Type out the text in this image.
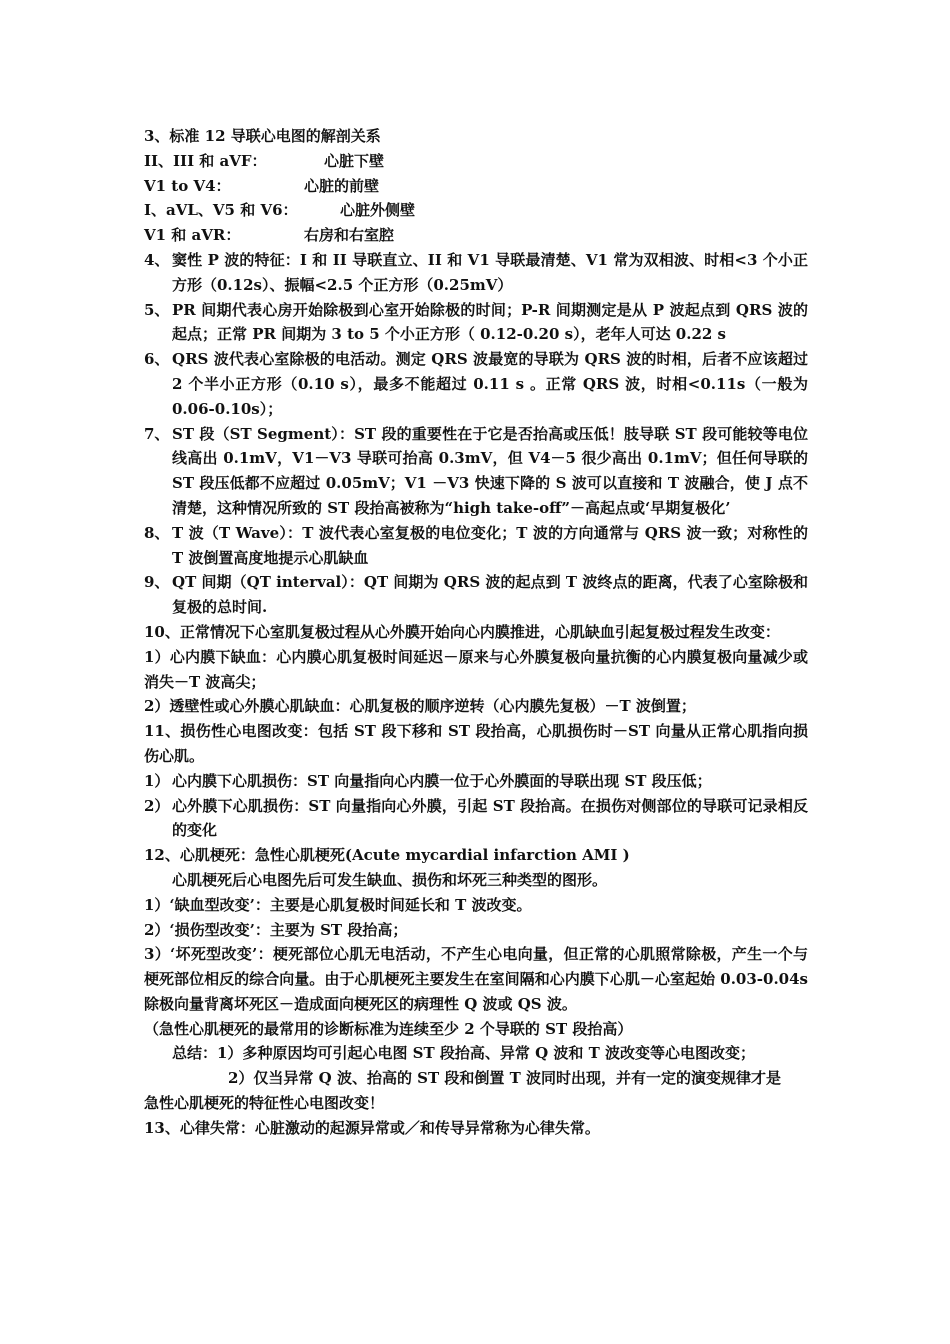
3、标准 12 导联心电图的解剖关系
II、III 和 aVF：	心脏下壁
V1 to V4：	心脏的前壁
I、aVL、V5 和 V6：	心脏外侧壁
V1 和 aVR：	右房和右室腔
4、 窦性 P 波的特征：I 和 II 导联直立、II 和 V1 导联最清楚、V1 常为双相波、时相<3 个小正方形（0.12s）、振幅<2.5 个正方形（0.25mV）
5、 PR 间期代表心房开始除极到心室开始除极的时间；P-R 间期测定是从 P 波起点到 QRS 波的起点；正常 PR 间期为 3 to 5 个小正方形（ 0.12-0.20 s），老年人可达 0.22 s
6、 QRS 波代表心室除极的电活动。测定 QRS 波最宽的导联为 QRS 波的时相，后者不应该超过 2 个半小正方形（0.10 s），最多不能超过 0.11 s 。正常 QRS 波，时相<0.11s（一般为 0.06-0.10s）；
7、 ST 段（ST Segment）：ST 段的重要性在于它是否抬高或压低！肢导联 ST 段可能较等电位线高出 0.1mV，V1－V3 导联可抬高 0.3mV，但 V4－5 很少高出 0.1mV；但任何导联的 ST 段压低都不应超过 0.05mV；V1 －V3 快速下降的 S 波可以直接和 T 波融合，使 J 点不清楚，这种情况所致的 ST 段抬高被称为“high take-off”－高起点或‘早期复极化’
8、 T 波（T Wave）：T 波代表心室复极的电位变化；T 波的方向通常与 QRS 波一致；对称性的 T 波倒置高度地提示心肌缺血
9、 QT 间期（QT interval）：QT 间期为 QRS 波的起点到 T 波终点的距离，代表了心室除极和复极的总时间.
10、正常情况下心室肌复极过程从心外膜开始向心内膜推进，心肌缺血引起复极过程发生改变：
1）心内膜下缺血：心内膜心肌复极时间延迟－原来与心外膜复极向量抗衡的心内膜复极向量减少或消失－T 波高尖；
2）透壁性或心外膜心肌缺血：心肌复极的顺序逆转（心内膜先复极）－T 波倒置；
11、损伤性心电图改变：包括 ST 段下移和 ST 段抬高，心肌损伤时－ST 向量从正常心肌指向损伤心肌。
1） 心内膜下心肌损伤：ST 向量指向心内膜一位于心外膜面的导联出现 ST 段压低；
2） 心外膜下心肌损伤：ST 向量指向心外膜，引起 ST 段抬高。在损伤对侧部位的导联可记录相反的变化
12、心肌梗死：急性心肌梗死(Acute mycardial infarction AMI )
心肌梗死后心电图先后可发生缺血、损伤和坏死三种类型的图形。
1）‘缺血型改变’：主要是心肌复极时间延长和 T 波改变。
2）‘损伤型改变’：主要为 ST 段抬高；
3）‘坏死型改变’：梗死部位心肌无电活动，不产生心电向量，但正常的心肌照常除极，产生一个与梗死部位相反的综合向量。由于心肌梗死主要发生在室间隔和心内膜下心肌－心室起始 0.03-0.04s 除极向量背离坏死区－造成面向梗死区的病理性 Q 波或 QS 波。
（急性心肌梗死的最常用的诊断标准为连续至少 2 个导联的 ST 段抬高）
总结：1）多种原因均可引起心电图 ST 段抬高、异常 Q 波和 T 波改变等心电图改变；
2）仅当异常 Q 波、抬高的 ST 段和倒置 T 波同时出现，并有一定的演变规律才是
急性心肌梗死的特征性心电图改变！
13、心律失常：心脏激动的起源异常或／和传导异常称为心律失常。
